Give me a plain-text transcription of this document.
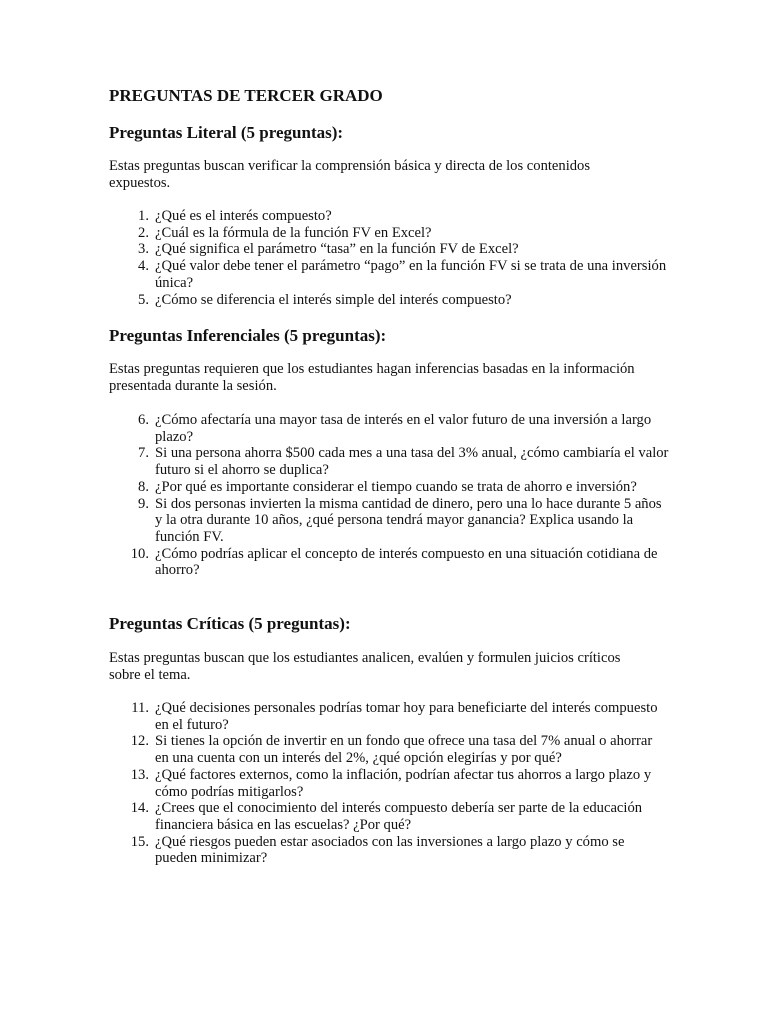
PREGUNTAS DE TERCER GRADO
Preguntas Literal (5 preguntas):

Estas preguntas buscan verificar la comprensión básica y directa de los contenidos expuestos.

1. ¿Qué es el interés compuesto?
2. ¿Cuál es la fórmula de la función FV en Excel?
3. ¿Qué significa el parámetro “tasa” en la función FV de Excel?
4. ¿Qué valor debe tener el parámetro “pago” en la función FV si se trata de una inversión única?
5. ¿Cómo se diferencia el interés simple del interés compuesto?
Preguntas Inferenciales (5 preguntas):

Estas preguntas requieren que los estudiantes hagan inferencias basadas en la información presentada durante la sesión.

6. ¿Cómo afectaría una mayor tasa de interés en el valor futuro de una inversión a largo plazo?
7. Si una persona ahorra $500 cada mes a una tasa del 3% anual, ¿cómo cambiaría el valor futuro si el ahorro se duplica?
8. ¿Por qué es importante considerar el tiempo cuando se trata de ahorro e inversión?
9. Si dos personas invierten la misma cantidad de dinero, pero una lo hace durante 5 años y la otra durante 10 años, ¿qué persona tendrá mayor ganancia? Explica usando la función FV.
10. ¿Cómo podrías aplicar el concepto de interés compuesto en una situación cotidiana de ahorro?
Preguntas Críticas (5 preguntas):

Estas preguntas buscan que los estudiantes analicen, evalúen y formulen juicios críticos sobre el tema.

11. ¿Qué decisiones personales podrías tomar hoy para beneficiarte del interés compuesto en el futuro?
12. Si tienes la opción de invertir en un fondo que ofrece una tasa del 7% anual o ahorrar en una cuenta con un interés del 2%, ¿qué opción elegirías y por qué?
13. ¿Qué factores externos, como la inflación, podrían afectar tus ahorros a largo plazo y cómo podrías mitigarlos?
14. ¿Crees que el conocimiento del interés compuesto debería ser parte de la educación financiera básica en las escuelas? ¿Por qué?
15. ¿Qué riesgos pueden estar asociados con las inversiones a largo plazo y cómo se pueden minimizar?
